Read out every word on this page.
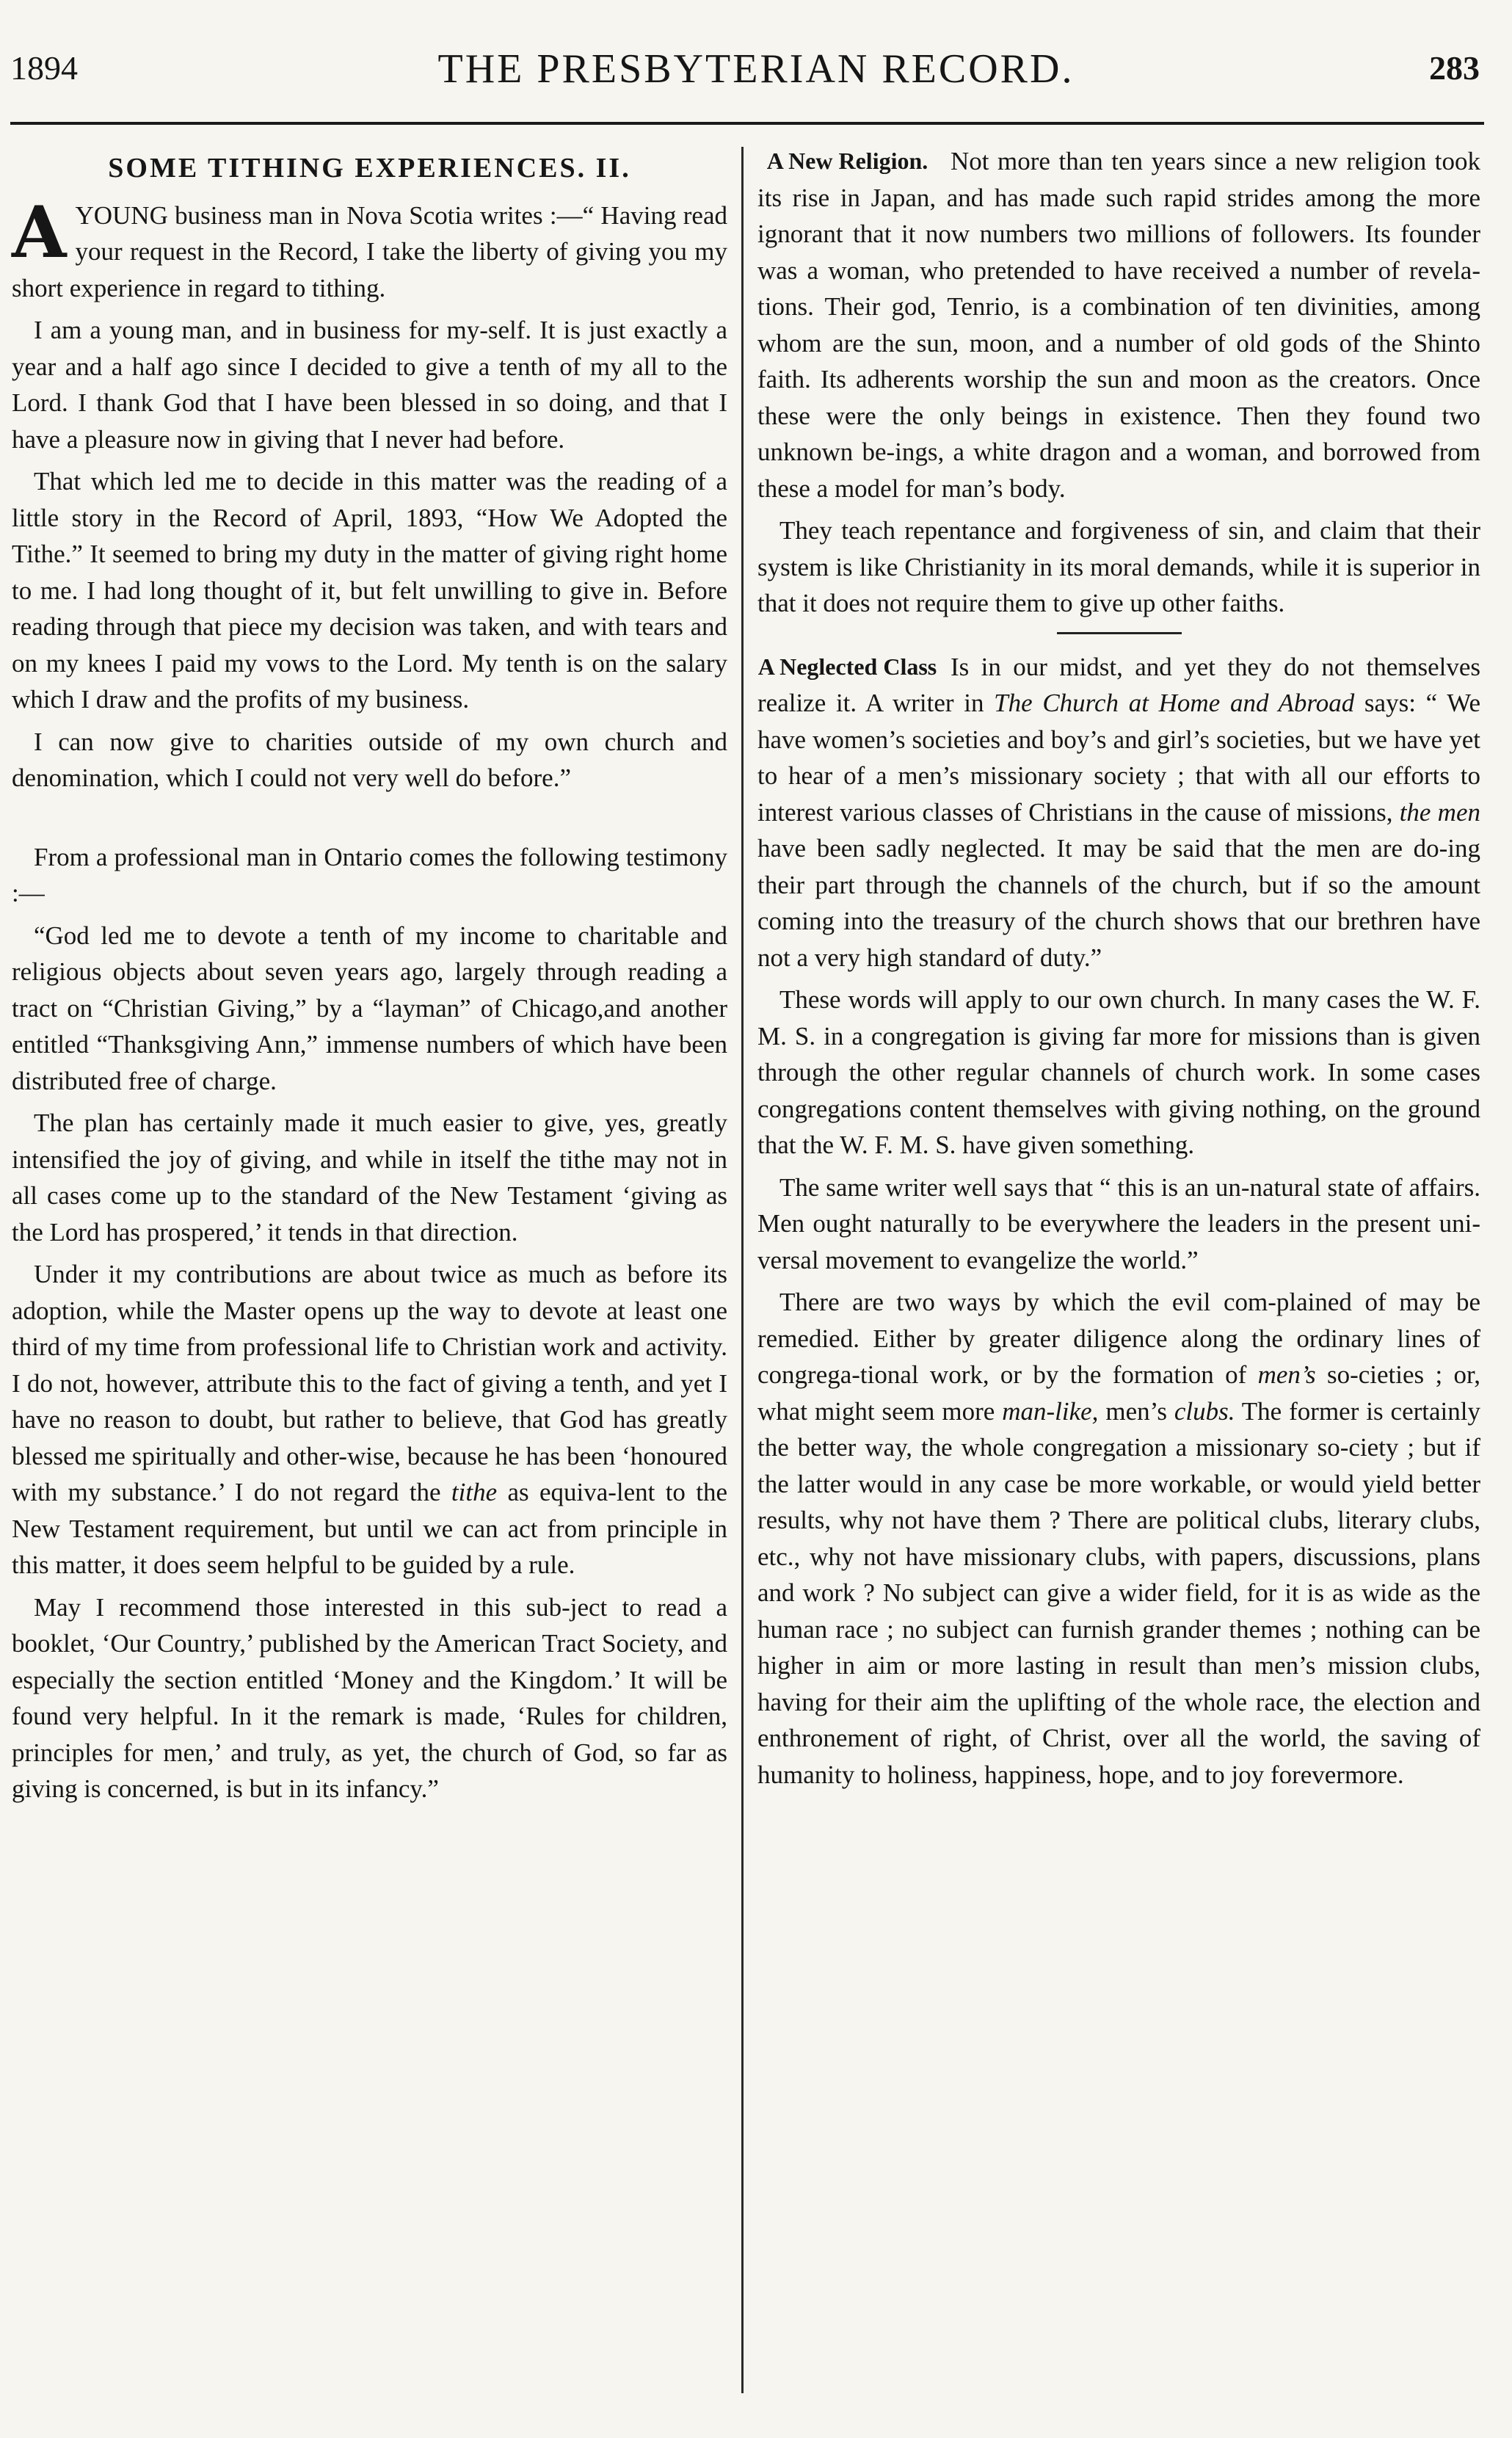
1894	THE PRESBYTERIAN RECORD.	283
SOME TITHING EXPERIENCES. II.

AYOUNG business man in Nova Scotia writes :—“ Having read your request in the Record, I take the liberty of giving you my short experience in regard to tithing.

I am a young man, and in business for my-self. It is just exactly a year and a half ago since I decided to give a tenth of my all to the Lord. I thank God that I have been blessed in so doing, and that I have a pleasure now in giving that I never had before.

That which led me to decide in this matter was the reading of a little story in the Record of April, 1893, “How We Adopted the Tithe.” It seemed to bring my duty in the matter of giving right home to me. I had long thought of it, but felt unwilling to give in. Before reading through that piece my decision was taken, and with tears and on my knees I paid my vows to the Lord. My tenth is on the salary which I draw and the profits of my business.

I can now give to charities outside of my own church and denomination, which I could not very well do before.”

From a professional man in Ontario comes the following testimony :—

“God led me to devote a tenth of my income to charitable and religious objects about seven years ago, largely through reading a tract on “Christian Giving,” by a “layman” of Chicago,and another entitled “Thanksgiving Ann,” immense numbers of which have been distributed free of charge.

The plan has certainly made it much easier to give, yes, greatly intensified the joy of giving, and while in itself the tithe may not in all cases come up to the standard of the New Testament ‘giving as the Lord has prospered,’ it tends in that direction.

Under it my contributions are about twice as much as before its adoption, while the Master opens up the way to devote at least one third of my time from professional life to Christian work and activity. I do not, however, attribute this to the fact of giving a tenth, and yet I have no reason to doubt, but rather to believe, that God has greatly blessed me spiritually and other-wise, because he has been ‘honoured with my substance.’ I do not regard the tithe as equiva-lent to the New Testament requirement, but until we can act from principle in this matter, it does seem helpful to be guided by a rule.

May I recommend those interested in this sub-ject to read a booklet, ‘Our Country,’ published by the American Tract Society, and especially the section entitled ‘Money and the Kingdom.’ It will be found very helpful. In it the remark is made, ‘Rules for children, principles for men,’ and truly, as yet, the church of God, so far as giving is concerned, is but in its infancy.”

A New Religion. Not more than ten years since a new religion took its rise in Japan, and has made such rapid strides among the more ignorant that it now numbers two millions of followers. Its founder was a woman, who pretended to have received a number of revela-tions. Their god, Tenrio, is a combination of ten divinities, among whom are the sun, moon, and a number of old gods of the Shinto faith. Its adherents worship the sun and moon as the creators. Once these were the only beings in existence. Then they found two unknown be-ings, a white dragon and a woman, and borrowed from these a model for man’s body.

They teach repentance and forgiveness of sin, and claim that their system is like Christianity in its moral demands, while it is superior in that it does not require them to give up other faiths.

A Neglected Class Is in our midst, and yet they do not themselves realize it. A writer in The Church at Home and Abroad says: “ We have women’s societies and boy’s and girl’s societies, but we have yet to hear of a men’s missionary society ; that with all our efforts to interest various classes of Christians in the cause of missions, the men have been sadly neglected. It may be said that the men are do-ing their part through the channels of the church, but if so the amount coming into the treasury of the church shows that our brethren have not a very high standard of duty.”

These words will apply to our own church. In many cases the W. F. M. S. in a congregation is giving far more for missions than is given through the other regular channels of church work. In some cases congregations content themselves with giving nothing, on the ground that the W. F. M. S. have given something.

The same writer well says that “ this is an un-natural state of affairs. Men ought naturally to be everywhere the leaders in the present uni-versal movement to evangelize the world.”

There are two ways by which the evil com-plained of may be remedied. Either by greater diligence along the ordinary lines of congrega-tional work, or by the formation of men’s so-cieties ; or, what might seem more man-like, men’s clubs. The former is certainly the better way, the whole congregation a missionary so-ciety ; but if the latter would in any case be more workable, or would yield better results, why not have them ? There are political clubs, literary clubs, etc., why not have missionary clubs, with papers, discussions, plans and work ? No subject can give a wider field, for it is as wide as the human race ; no subject can furnish grander themes ; nothing can be higher in aim or more lasting in result than men’s mission clubs, having for their aim the uplifting of the whole race, the election and enthronement of right, of Christ, over all the world, the saving of humanity to holiness, happiness, hope, and to joy forevermore.
